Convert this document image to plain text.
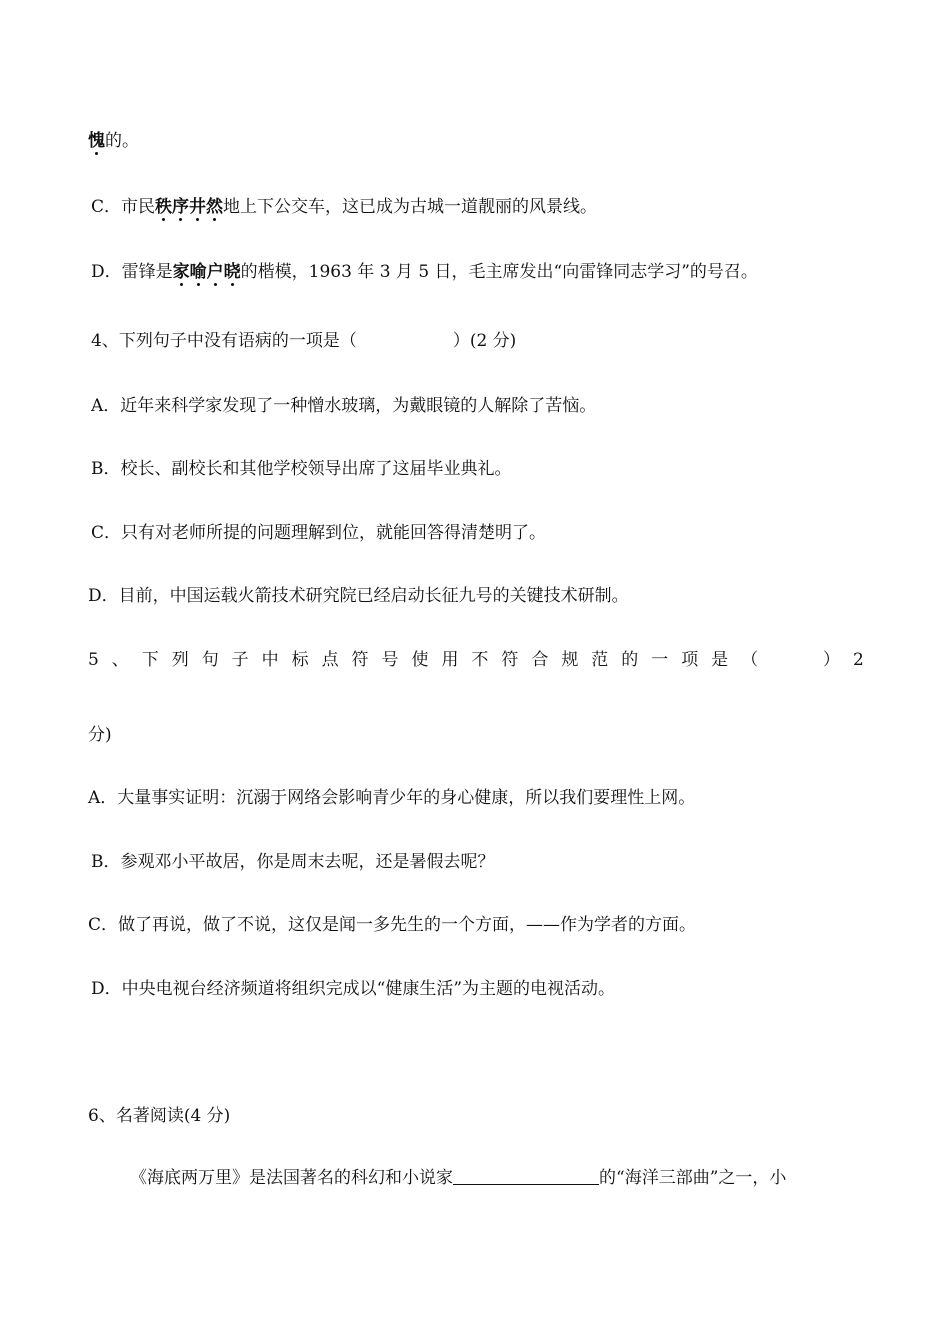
愧
的。
C．市民秩序井然
地上下公交车，这已成为古城一道靓丽的风景线。
D．雷锋是家喻户晓
的楷模，1963 年 3 月 5 日，毛主席发出“向雷锋同志学习”的号召。
4、下列句子中没有语病的一项是（	）(2 分)
A．近年来科学家发现了一种憎水玻璃，为戴眼镜的人解除了苦恼。
B．校长、副校长和其他学校领导出席了这届毕业典礼。
C．只有对老师所提的问题理解到位，就能回答得清楚明了。
D．目前，中国运载火箭技术研究院已经启动长征九号的关键技术研制。
5 、 下 列 句 子 中 标 点 符 号 使 用 不 符 合 规 范 的 一 项 是 （	） 2
分)
A．大量事实证明：沉溺于网络会影响青少年的身心健康，所以我们要理性上网。
B．参观邓小平故居，你是周末去呢，还是暑假去呢？
C．做了再说，做了不说，这仅是闻一多先生的一个方面，——作为学者的方面。
D．中央电视台经济频道将组织完成以“健康生活”为主题的电视活动。
6、名著阅读(4 分)
《海底两万里》是法国著名的科幻和小说家	的“海洋三部曲”之一，小
